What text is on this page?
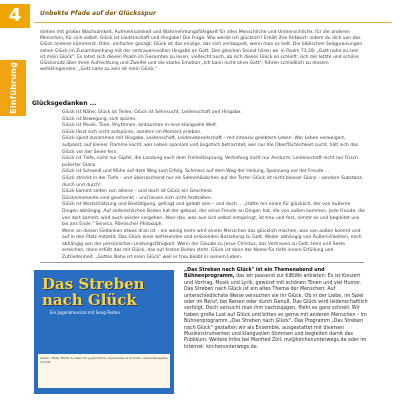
4	Unbekte Pfade auf der Glücksspur
Einführung
stehen mit großer Wachsamkeit, Aufmerksamkeit und Wahrnehmungsfähigkeit für alles Menschliche und Unmenschliche, für die anderen Menschen, für sich selbst. Glück ist Leidenschaft und Hingabe! Die Frage: Wie werde ich glücklich? Erhält ihre Antwort: indem du dich von das Glück anderer kümmerst. Oder, einfacher gesagt: Glück ist das einzige, das sich verdoppelt, wenn man es teilt. Die biblischen Seligpreisungen sehen Glück im Zusammenhang mit der vertrauensvollen Hingabe an Gott. Den gleichen Sound hören wir in Psalm 73,28: „Gott nahe zu sein ist mein Glück". Es lohnt sich diesen Psalm im Gesamten zu lesen, vielleicht auch, ob sich dieses Glück so schleift: sich der letzte und schöne Glücksnutz über ihren Aufrechtung und Zweifel und die starke Emotion „Ich kann nicht ohne Gott"; führen schließlich zu diesem wohlklingenden: „Gott nahe zu sein ist mein Glück."
Glücksgedanken ...

Glück ist Nähe; Glück ist Teilen; Glück ist Sehnsucht, Leidenschaft und Hingabe.

Glück ist Bewegung, sich spüren.

Glück ist Musik, Töne, Rhythmen, eintauchen in eine klangvolle Welt.

Glück lässt sich nicht aufspüren, sondern im Moment erleben.

Glück spielt zusammen mit Hingabe, Leidenschaft, Leidensbereitschaft – mit intensiv gelebtem Leben. Wer Leben verweigert, aufpasst, auf kleiner Flamme kocht, wer Leben sparsam und ängstlich betrachtet, wer nur die Oberflächlichkeit sucht, hält sich das Glück vor der Seele fern.

Glück ist Tiefe, nicht nur Gipfel, die Landung nach dem Freiheitssprung, Vertiefung nicht nur Ansturm; Leidenschaft nicht nur Frisch polierter Glanz.

Glück ist Schweiß und Mühe auf dem Weg zum Erfolg, Schmerz auf dem Weg der Heilung, Spannung vor der Freude ...

Glück streckt in der Tiefe – und überraschend nur als Sahnehäubchen auf der Torte! Glück ist nicht blasser Glanz – sondern Substanz, durch und durch!

Glück kommt selten von alleine – und doch ist Glück ein Geschenk.

Glücksmomente sind geschenkt – und lassen sich nicht festhalten.

Glück ist Wertschätzung und Bestätigung, gefragt und gelebt sein – und doch ... „Hätte mir einen für glücklich, der von äußeren Dingen abhängig. Auf zerbrechlichen Boden hat der gebaut, der seine Freude an Dingen hat, die von außen kommen. Jede Freude, die von dort kommt, wird auch wieder vergehen. Aber das, was aus sich selbst entspringt, ist treu und fest, nimmt es und begleitet uns bis ans Ende." Seneca, Römischer Philosoph.

Wenn an diesen Gedanken etwas dran ist – ein wenig mehr wird einem Menschen das glücklich machen, was von außen kommt und auf in den Platz mitzeht. Das Glück einer befreienden und erlösenden Beziehung zu Gott. Weder abhängig von Äußerlichkeiten, noch abhängig von der persönlichen Leistungsfähigkeit. Wenn der Glaube zu Jesus Christus, das Vertrauen zu Gott. Herz und Seele erreichen, dann erfüllt das mit Glück, das auf festen Boden steht. Glück ist dann der Name für tiefe innere Erfüllung und Zufriedenheit. „Gottes Nahe ist mein Glück" weil er treu bleibt in seinem Leben.

Das Streben nach Glück
Ein Jugendmusical mit Song-Texten
Lieder, Texte, Bilder & Ideen für Jugendliche, Gemeinden & Schulen. Gesamtausgabe mit CD.
„Das Streben nach Glück" ist ein Themenabend und Bühnenprogramm, das wir passend zur KiBiWo anbieten: Es ist Konzert und Vortrag, Musik und Lyrik, gewürzt mit schönen Tönen und viel Humor. Das Streben nach Glück ist ein altes Thema der Menschen: Auf unterschiedlichste Weise versuchen sie ihr Glück. Ob in der Liebe, im Spiel oder im Beruf, bei Reisen oder durch Genuß. Das Glück wird leidenschaftlich verfolgt. Doch versucht man ihm nachzujagen, flieht es ganz schnell. Wir haben große Lust auf Glück und bitten es gerne mit anderen Menschen – im Bühnenprogramm „Das Streben nach Glück". Das Programm „Das Streben nach Glück" gestalten wir als Ensemble, ausgestattet mit diversen Musikinstrumenten und klangvollen Stimmen und begleiten damit das Publikum. Weitere Infos bei Manfred Zoll, mz@kirchenunterwegs.de oder im Internet: kirchenunterwegs.de.
